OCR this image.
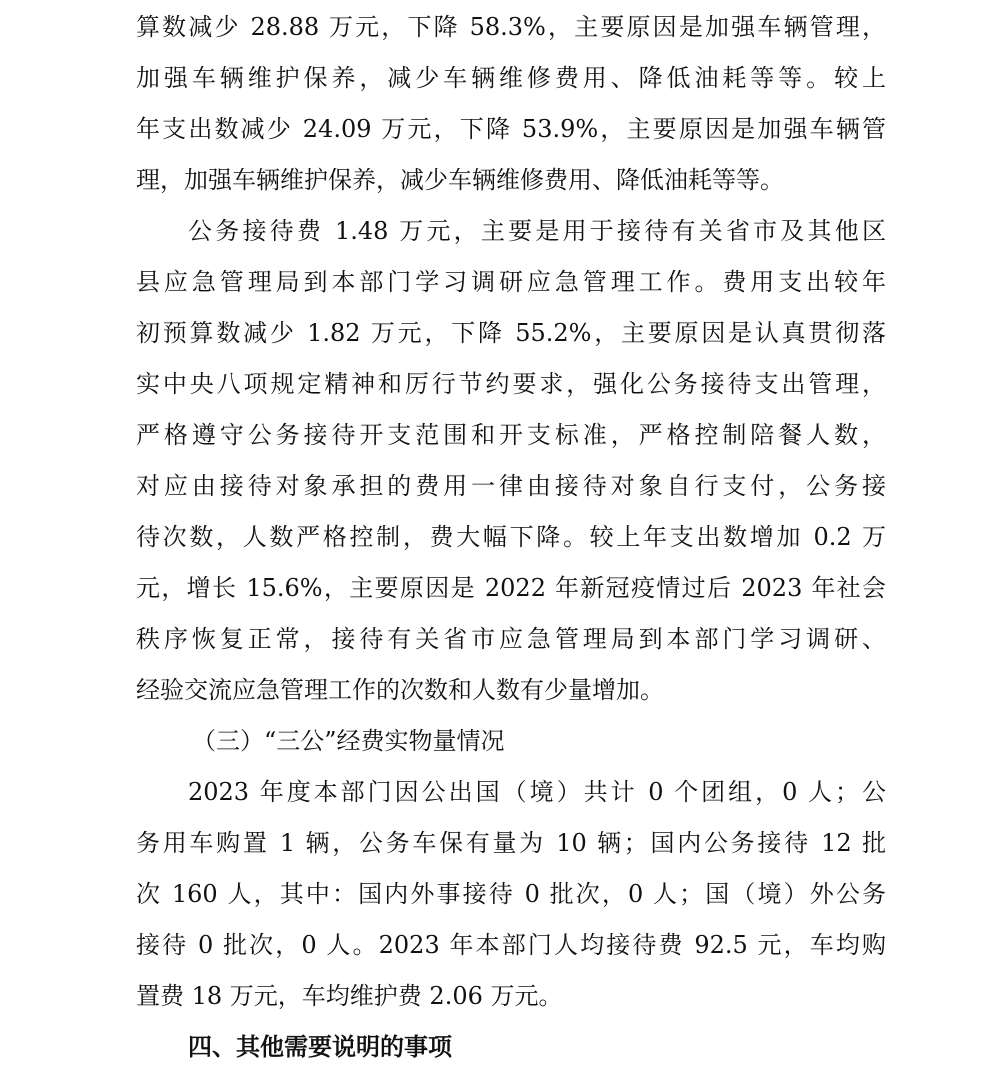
算数减少 28.88 万元，下降 58.3%，主要原因是加强车辆管理，
加强车辆维护保养，减少车辆维修费用、降低油耗等等。较上
年支出数减少 24.09 万元，下降 53.9%，主要原因是加强车辆管
理，加强车辆维护保养，减少车辆维修费用、降低油耗等等。
公务接待费 1.48 万元，主要是用于接待有关省市及其他区
县应急管理局到本部门学习调研应急管理工作。费用支出较年
初预算数减少 1.82 万元，下降 55.2%，主要原因是认真贯彻落
实中央八项规定精神和厉行节约要求，强化公务接待支出管理，
严格遵守公务接待开支范围和开支标准，严格控制陪餐人数，
对应由接待对象承担的费用一律由接待对象自行支付，公务接
待次数，人数严格控制，费大幅下降。较上年支出数增加 0.2 万
元，增长 15.6%，主要原因是 2022 年新冠疫情过后 2023 年社会
秩序恢复正常，接待有关省市应急管理局到本部门学习调研、
经验交流应急管理工作的次数和人数有少量增加。
（三）“三公”经费实物量情况
2023 年度本部门因公出国（境）共计 0 个团组，0 人；公
务用车购置 1 辆，公务车保有量为 10 辆；国内公务接待 12 批
次 160 人，其中：国内外事接待 0 批次，0 人；国（境）外公务
接待 0 批次，0 人。2023 年本部门人均接待费 92.5 元，车均购
置费 18 万元，车均维护费 2.06 万元。
四、其他需要说明的事项
